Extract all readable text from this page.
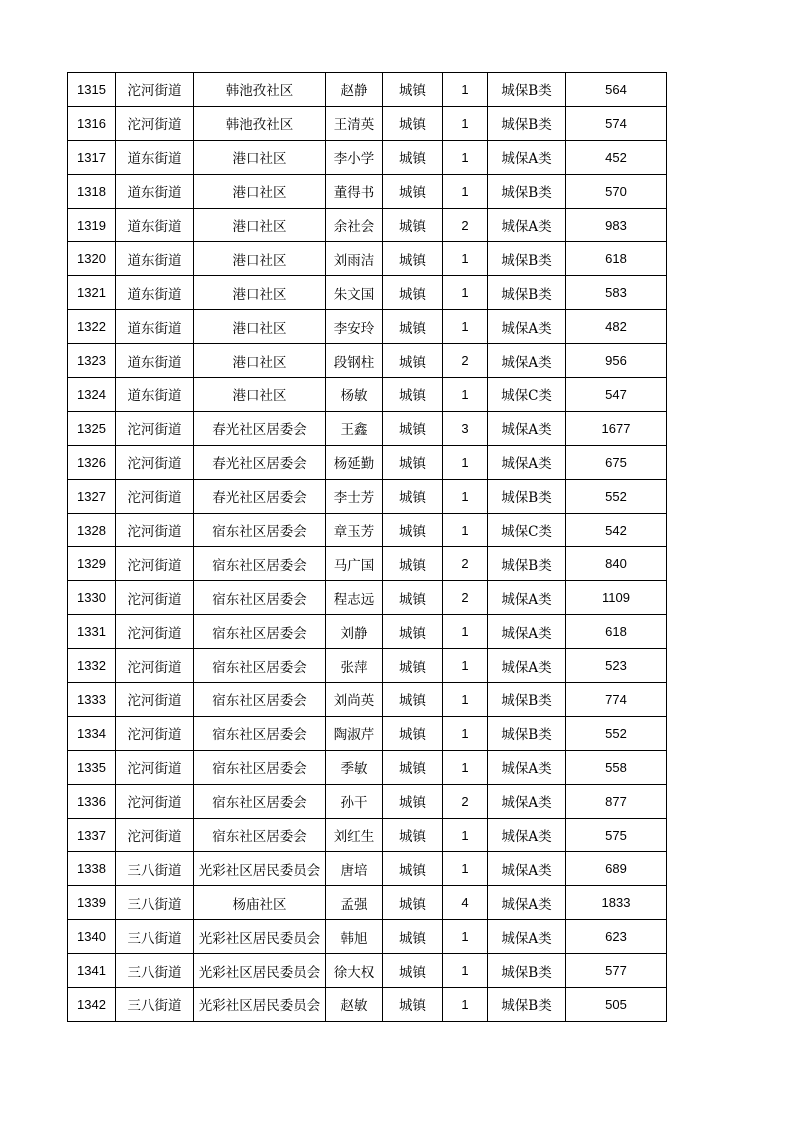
1315	沱河街道	韩池孜社区	赵静	城镇	1	城保B类	564
1316	沱河街道	韩池孜社区	王清英	城镇	1	城保B类	574
1317	道东街道	港口社区	李小学	城镇	1	城保A类	452
1318	道东街道	港口社区	董得书	城镇	1	城保B类	570
1319	道东街道	港口社区	余社会	城镇	2	城保A类	983
1320	道东街道	港口社区	刘雨洁	城镇	1	城保B类	618
1321	道东街道	港口社区	朱文国	城镇	1	城保B类	583
1322	道东街道	港口社区	李安玲	城镇	1	城保A类	482
1323	道东街道	港口社区	段钢柱	城镇	2	城保A类	956
1324	道东街道	港口社区	杨敏	城镇	1	城保C类	547
1325	沱河街道	春光社区居委会	王鑫	城镇	3	城保A类	1677
1326	沱河街道	春光社区居委会	杨延勤	城镇	1	城保A类	675
1327	沱河街道	春光社区居委会	李士芳	城镇	1	城保B类	552
1328	沱河街道	宿东社区居委会	章玉芳	城镇	1	城保C类	542
1329	沱河街道	宿东社区居委会	马广国	城镇	2	城保B类	840
1330	沱河街道	宿东社区居委会	程志远	城镇	2	城保A类	1109
1331	沱河街道	宿东社区居委会	刘静	城镇	1	城保A类	618
1332	沱河街道	宿东社区居委会	张萍	城镇	1	城保A类	523
1333	沱河街道	宿东社区居委会	刘尚英	城镇	1	城保B类	774
1334	沱河街道	宿东社区居委会	陶淑芹	城镇	1	城保B类	552
1335	沱河街道	宿东社区居委会	季敏	城镇	1	城保A类	558
1336	沱河街道	宿东社区居委会	孙干	城镇	2	城保A类	877
1337	沱河街道	宿东社区居委会	刘红生	城镇	1	城保A类	575
1338	三八街道	光彩社区居民委员会	唐培	城镇	1	城保A类	689
1339	三八街道	杨庙社区	孟强	城镇	4	城保A类	1833
1340	三八街道	光彩社区居民委员会	韩旭	城镇	1	城保A类	623
1341	三八街道	光彩社区居民委员会	徐大权	城镇	1	城保B类	577
1342	三八街道	光彩社区居民委员会	赵敏	城镇	1	城保B类	505
